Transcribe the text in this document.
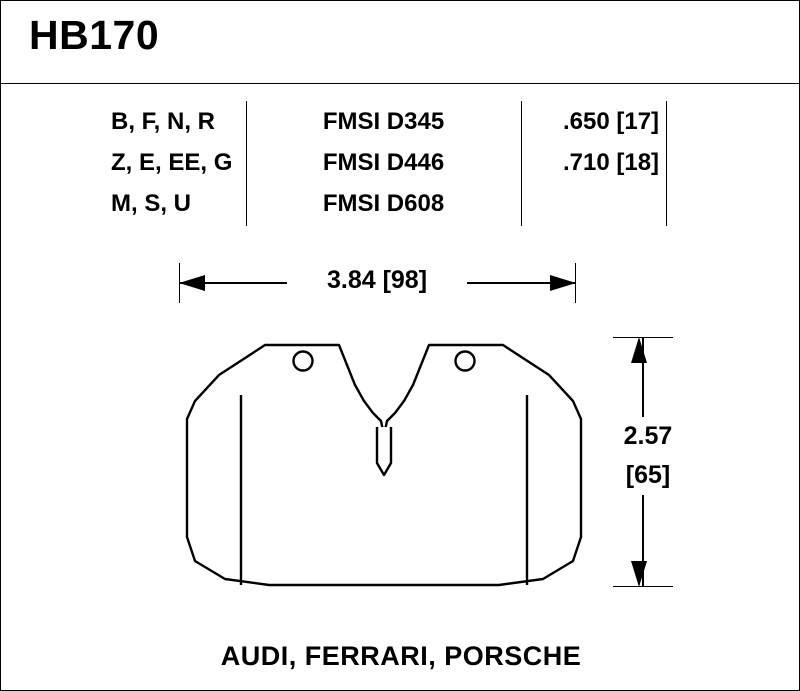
HB170
B, F, N, R	FMSI D345	.650 [17]
Z, E, EE, G	FMSI D446	.710 [18]
M, S, U	FMSI D608
3.84 [98]
2.57
[65]
AUDI, FERRARI, PORSCHE
